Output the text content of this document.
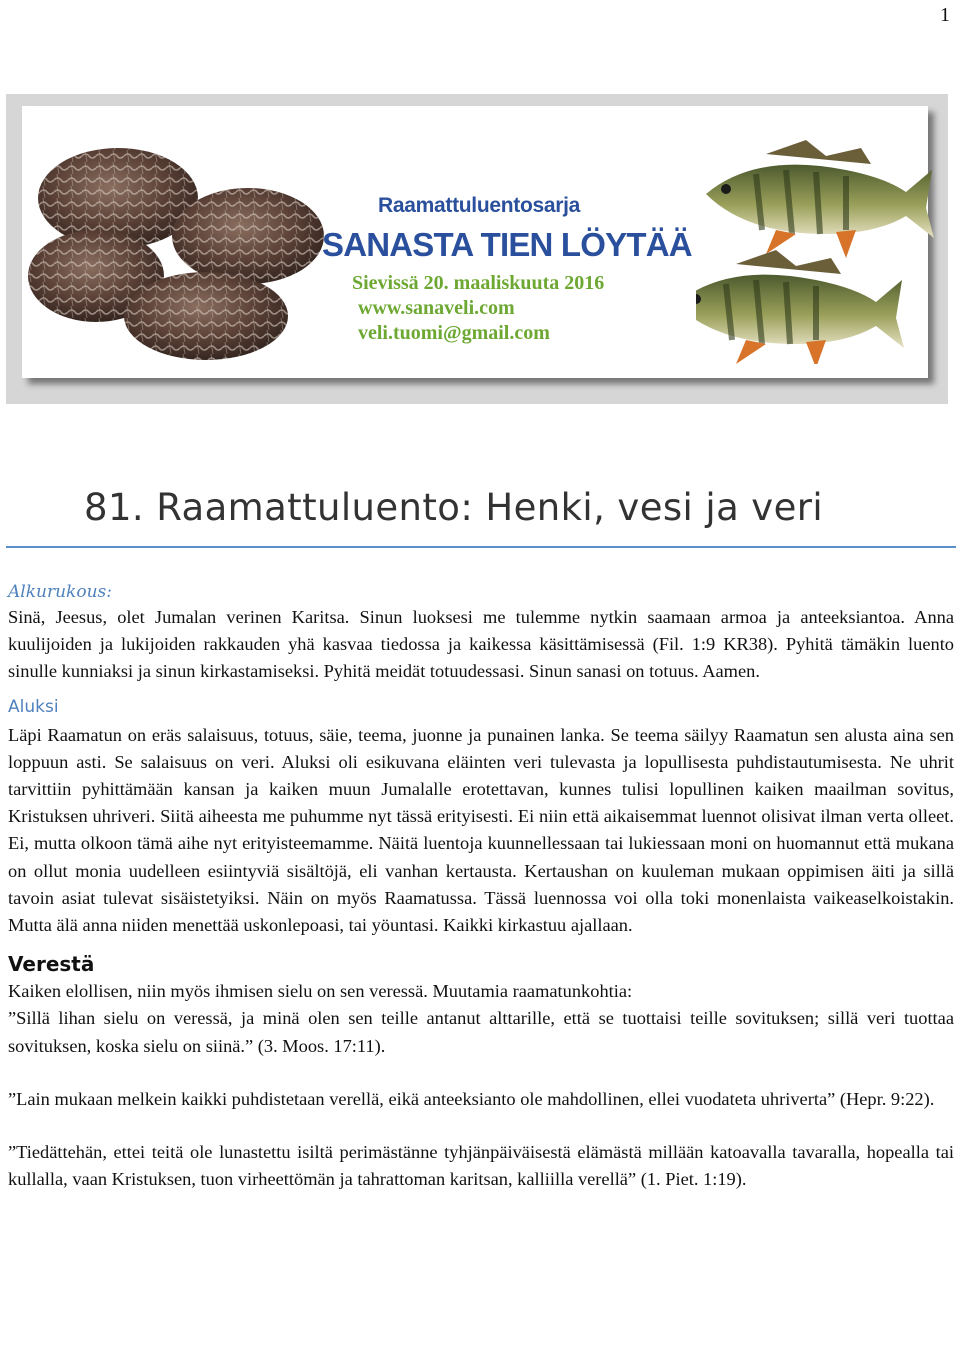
1
Raamattuluentosarja
SANASTA TIEN LÖYTÄÄ
Sievissä 20. maaliskuuta 2016
www.sanaveli.com
veli.tuomi@gmail.com
81. Raamattuluento: Henki, vesi ja veri

Alkurukous:

Sinä, Jeesus, olet Jumalan verinen Karitsa. Sinun luoksesi me tulemme nytkin saamaan armoa ja anteeksiantoa. Anna kuulijoiden ja lukijoiden rakkauden yhä kasvaa tiedossa ja kaikessa käsittämisessä (Fil. 1:9 KR38). Pyhitä tämäkin luento sinulle kunniaksi ja sinun kirkastamiseksi. Pyhitä meidät totuudessasi. Sinun sanasi on totuus. Aamen.

Aluksi

Läpi Raamatun on eräs salaisuus, totuus, säie, teema, juonne ja punainen lanka. Se teema säilyy Raamatun sen alusta aina sen loppuun asti. Se salaisuus on veri. Aluksi oli esikuvana eläinten veri tulevasta ja lopullisesta puhdistautumisesta. Ne uhrit tarvittiin pyhittämään kansan ja kaiken muun Jumalalle erotettavan, kunnes tulisi lopullinen kaiken maailman sovitus, Kristuksen uhriveri. Siitä aiheesta me puhumme nyt tässä erityisesti. Ei niin että aikaisemmat luennot olisivat ilman verta olleet. Ei, mutta olkoon tämä aihe nyt erityisteemamme. Näitä luentoja kuunnellessaan tai lukiessaan moni on huomannut että mukana on ollut monia uudelleen esiintyviä sisältöjä, eli vanhan kertausta. Kertaushan on kuuleman mukaan oppimisen äiti ja sillä tavoin asiat tulevat sisäistetyiksi. Näin on myös Raamatussa. Tässä luennossa voi olla toki monenlaista vaikeaselkoistakin. Mutta älä anna niiden menettää uskonlepoasi, tai yöuntasi. Kaikki kirkastuu ajallaan.

Verestä

Kaiken elollisen, niin myös ihmisen sielu on sen veressä. Muutamia raamatunkohtia:

”Sillä lihan sielu on veressä, ja minä olen sen teille antanut alttarille, että se tuottaisi teille sovituksen; sillä veri tuottaa sovituksen, koska sielu on siinä.” (3. Moos. 17:11).

”Lain mukaan melkein kaikki puhdistetaan verellä, eikä anteeksianto ole mahdollinen, ellei vuodateta uhriverta” (Hepr. 9:22).

”Tiedättehän, ettei teitä ole lunastettu isiltä perimästänne tyhjänpäiväisestä elämästä millään katoavalla tavaralla, hopealla tai kullalla, vaan Kristuksen, tuon virheettömän ja tahrattoman karitsan, kalliilla verellä” (1. Piet. 1:19).
